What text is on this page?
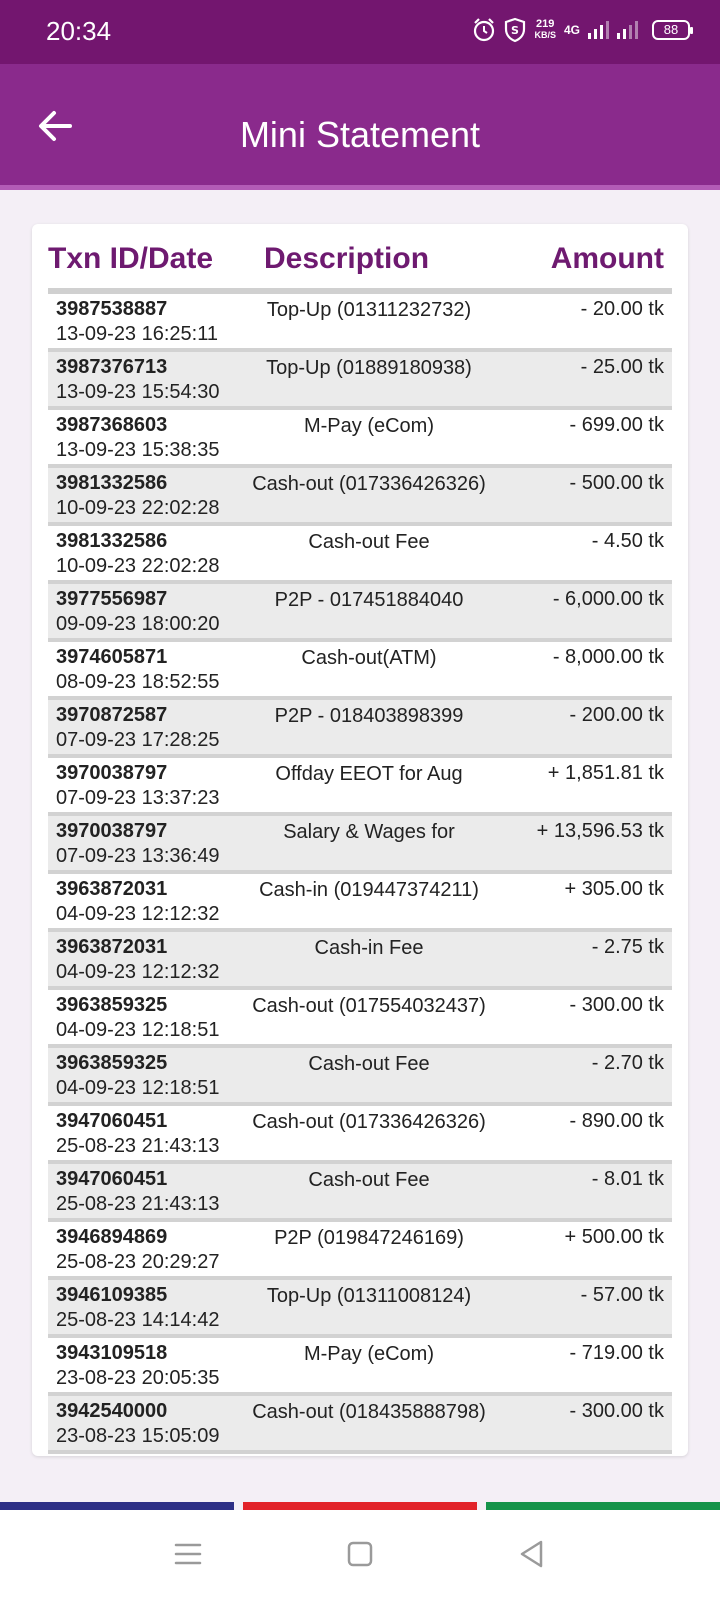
20:34	S 219
KB/S 4G	88
Mini Statement
Txn ID/Date Description	Amount
3987538887
13-09-23 16:25:11
Top-Up (01311232732)	- 20.00 tk
3987376713
13-09-23 15:54:30
Top-Up (01889180938)	- 25.00 tk
3987368603
13-09-23 15:38:35
M-Pay (eCom)	- 699.00 tk
3981332586
10-09-23 22:02:28
Cash-out (017336426326)	- 500.00 tk
3981332586
10-09-23 22:02:28
Cash-out Fee	- 4.50 tk
3977556987
09-09-23 18:00:20
P2P - 017451884040	- 6,000.00 tk
3974605871
08-09-23 18:52:55
Cash-out(ATM)	- 8,000.00 tk
3970872587
07-09-23 17:28:25
P2P - 018403898399	- 200.00 tk
3970038797
07-09-23 13:37:23
Offday EEOT for Aug	+ 1,851.81 tk
3970038797
07-09-23 13:36:49
Salary & Wages for	+ 13,596.53 tk
3963872031
04-09-23 12:12:32
Cash-in (019447374211)	+ 305.00 tk
3963872031
04-09-23 12:12:32
Cash-in Fee	- 2.75 tk
3963859325
04-09-23 12:18:51
Cash-out (017554032437)	- 300.00 tk
3963859325
04-09-23 12:18:51
Cash-out Fee	- 2.70 tk
3947060451
25-08-23 21:43:13
Cash-out (017336426326)	- 890.00 tk
3947060451
25-08-23 21:43:13
Cash-out Fee	- 8.01 tk
3946894869
25-08-23 20:29:27
P2P (019847246169)	+ 500.00 tk
3946109385
25-08-23 14:14:42
Top-Up (01311008124)	- 57.00 tk
3943109518
23-08-23 20:05:35
M-Pay (eCom)	- 719.00 tk
3942540000
23-08-23 15:05:09
Cash-out (018435888798)	- 300.00 tk
